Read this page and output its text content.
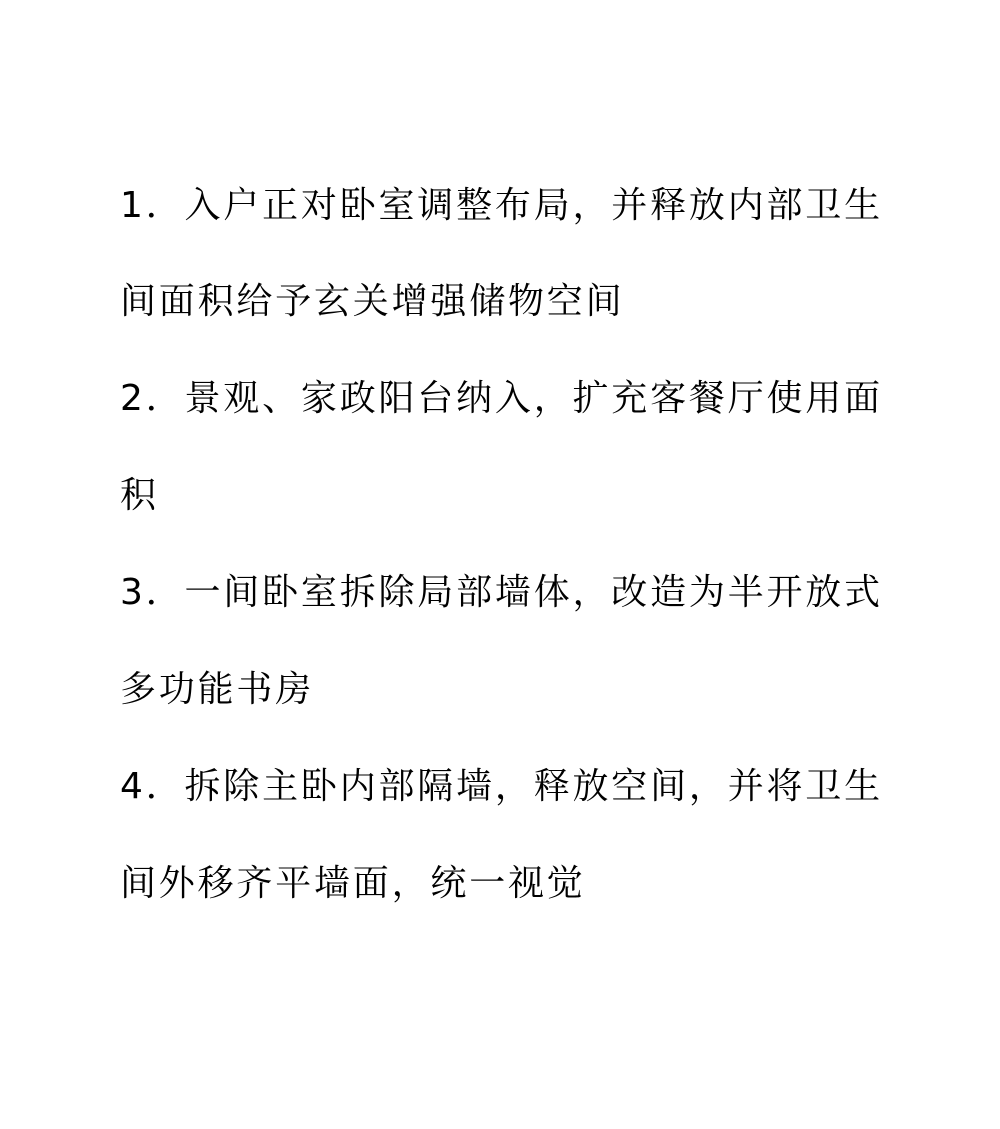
1．入户正对卧室调整布局，并释放内部卫生
间面积给予玄关增强储物空间
2．景观、家政阳台纳入，扩充客餐厅使用面
积
3．一间卧室拆除局部墙体，改造为半开放式
多功能书房
4．拆除主卧内部隔墙，释放空间，并将卫生
间外移齐平墙面，统一视觉
